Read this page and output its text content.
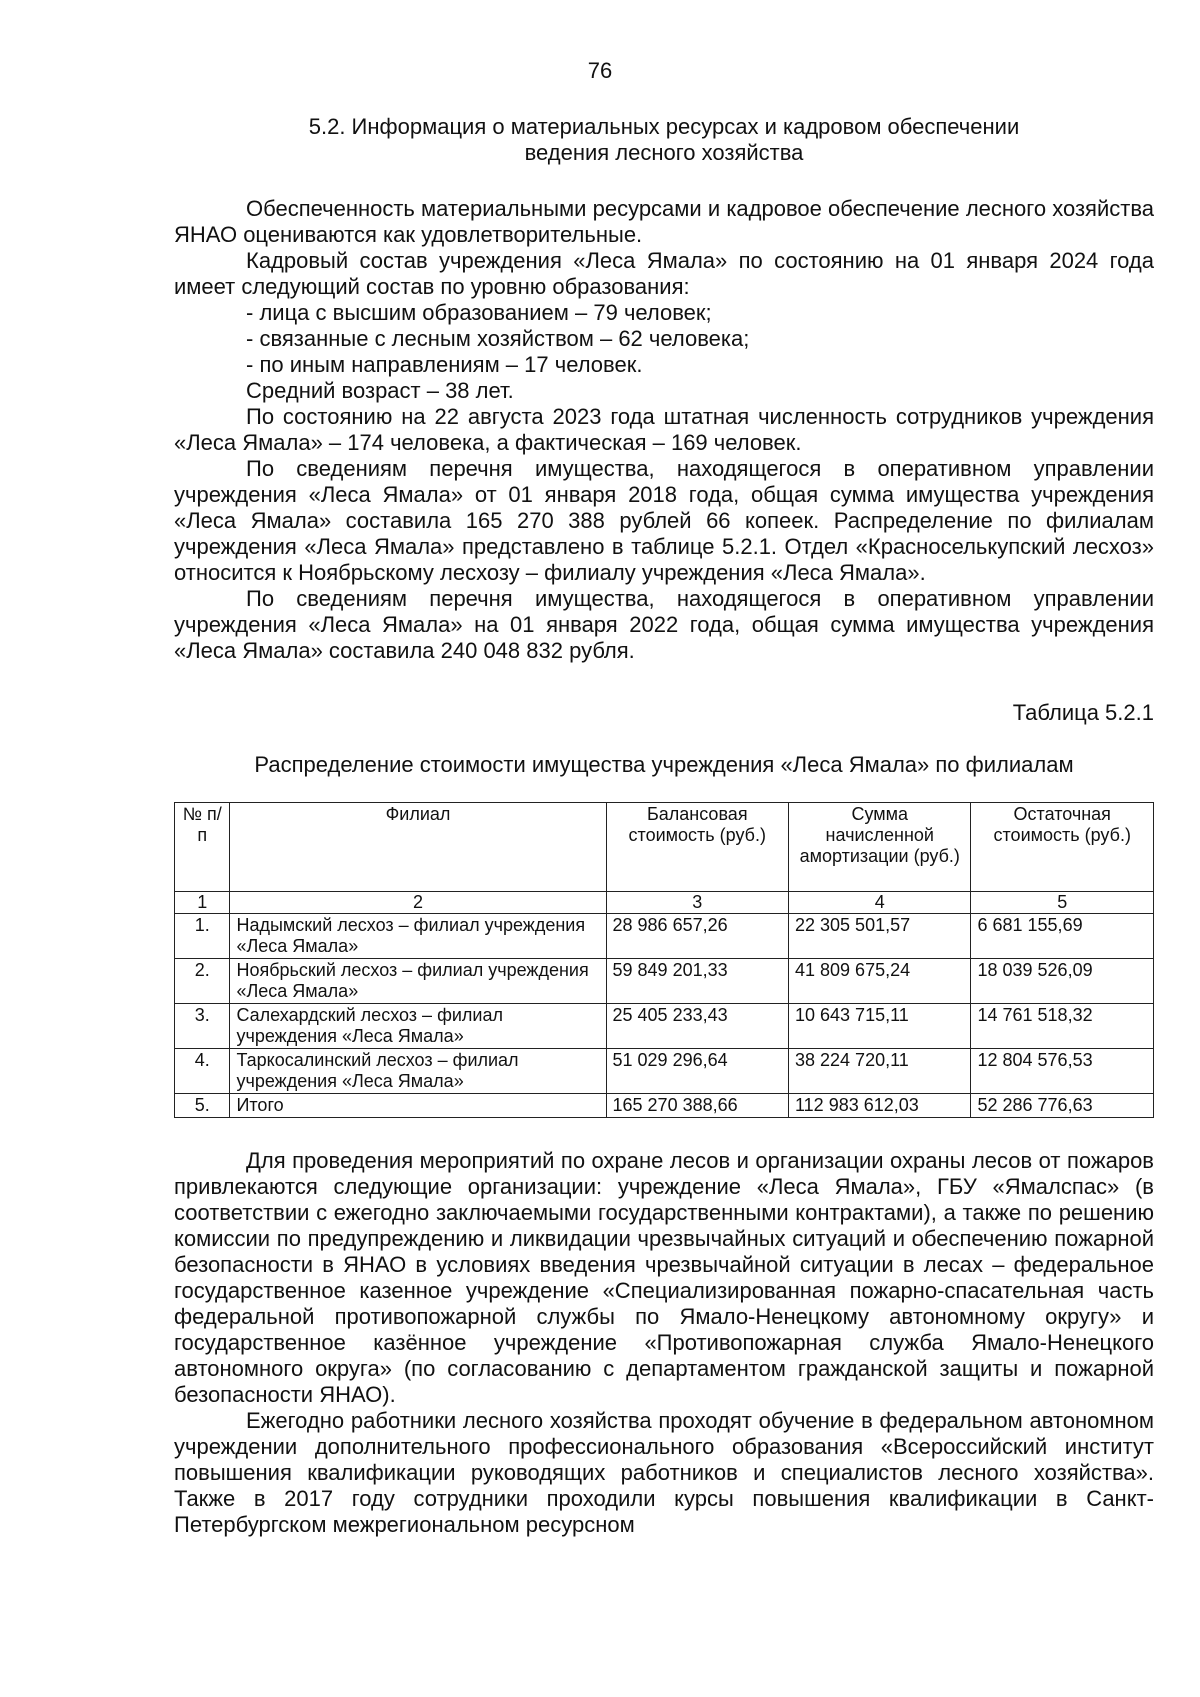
76
5.2. Информация о материальных ресурсах и кадровом обеспечении
ведения лесного хозяйства

Обеспеченность материальными ресурсами и кадровое обеспечение лесного хозяйства ЯНАО оцениваются как удовлетворительные.

Кадровый состав учреждения «Леса Ямала» по состоянию на 01 января 2024 года имеет следующий состав по уровню образования:

- лица с высшим образованием – 79 человек;

- связанные с лесным хозяйством – 62 человека;

- по иным направлениям – 17 человек.

Средний возраст – 38 лет.

По состоянию на 22 августа 2023 года штатная численность сотрудников учреждения «Леса Ямала» – 174 человека, а фактическая – 169 человек.

По сведениям перечня имущества, находящегося в оперативном управлении учреждения «Леса Ямала» от 01 января 2018 года, общая сумма имущества учреждения «Леса Ямала» составила 165 270 388 рублей 66 копеек. Распределение по филиалам учреждения «Леса Ямала» представлено в таблице 5.2.1. Отдел «Красноселькупский лесхоз» относится к Ноябрьскому лесхозу – филиалу учреждения «Леса Ямала».

По сведениям перечня имущества, находящегося в оперативном управлении учреждения «Леса Ямала» на 01 января 2022 года, общая сумма имущества учреждения «Леса Ямала» составила 240 048 832 рубля.

Таблица 5.2.1
Распределение стоимости имущества учреждения «Леса Ямала» по филиалам
№ п/п	Филиал	Балансовая стоимость (руб.)	Сумма начисленной амортизации (руб.)	Остаточная стоимость (руб.)
1	2	3	4	5
1.	Надымский лесхоз – филиал учреждения «Леса Ямала»	28 986 657,26	22 305 501,57	6 681 155,69
2.	Ноябрьский лесхоз – филиал учреждения «Леса Ямала»	59 849 201,33	41 809 675,24	18 039 526,09
3.	Салехардский лесхоз – филиал учреждения «Леса Ямала»	25 405 233,43	10 643 715,11	14 761 518,32
4.	Таркосалинский лесхоз – филиал учреждения «Леса Ямала»	51 029 296,64	38 224 720,11	12 804 576,53
5.	Итого	165 270 388,66	112 983 612,03	52 286 776,63

Для проведения мероприятий по охране лесов и организации охраны лесов от пожаров привлекаются следующие организации: учреждение «Леса Ямала», ГБУ «Ямалспас» (в соответствии с ежегодно заключаемыми государственными контрактами), а также по решению комиссии по предупреждению и ликвидации чрезвычайных ситуаций и обеспечению пожарной безопасности в ЯНАО в условиях введения чрезвычайной ситуации в лесах – федеральное государственное казенное учреждение «Специализированная пожарно-спасательная часть федеральной противопожарной службы по Ямало-Ненецкому автономному округу» и государственное казённое учреждение «Противопожарная служба Ямало-Ненецкого автономного округа» (по согласованию с департаментом гражданской защиты и пожарной безопасности ЯНАО).

Ежегодно работники лесного хозяйства проходят обучение в федеральном автономном учреждении дополнительного профессионального образования «Всероссийский институт повышения квалификации руководящих работников и специалистов лесного хозяйства». Также в 2017 году сотрудники проходили курсы повышения квалификации в Санкт-Петербургском межрегиональном ресурсном
